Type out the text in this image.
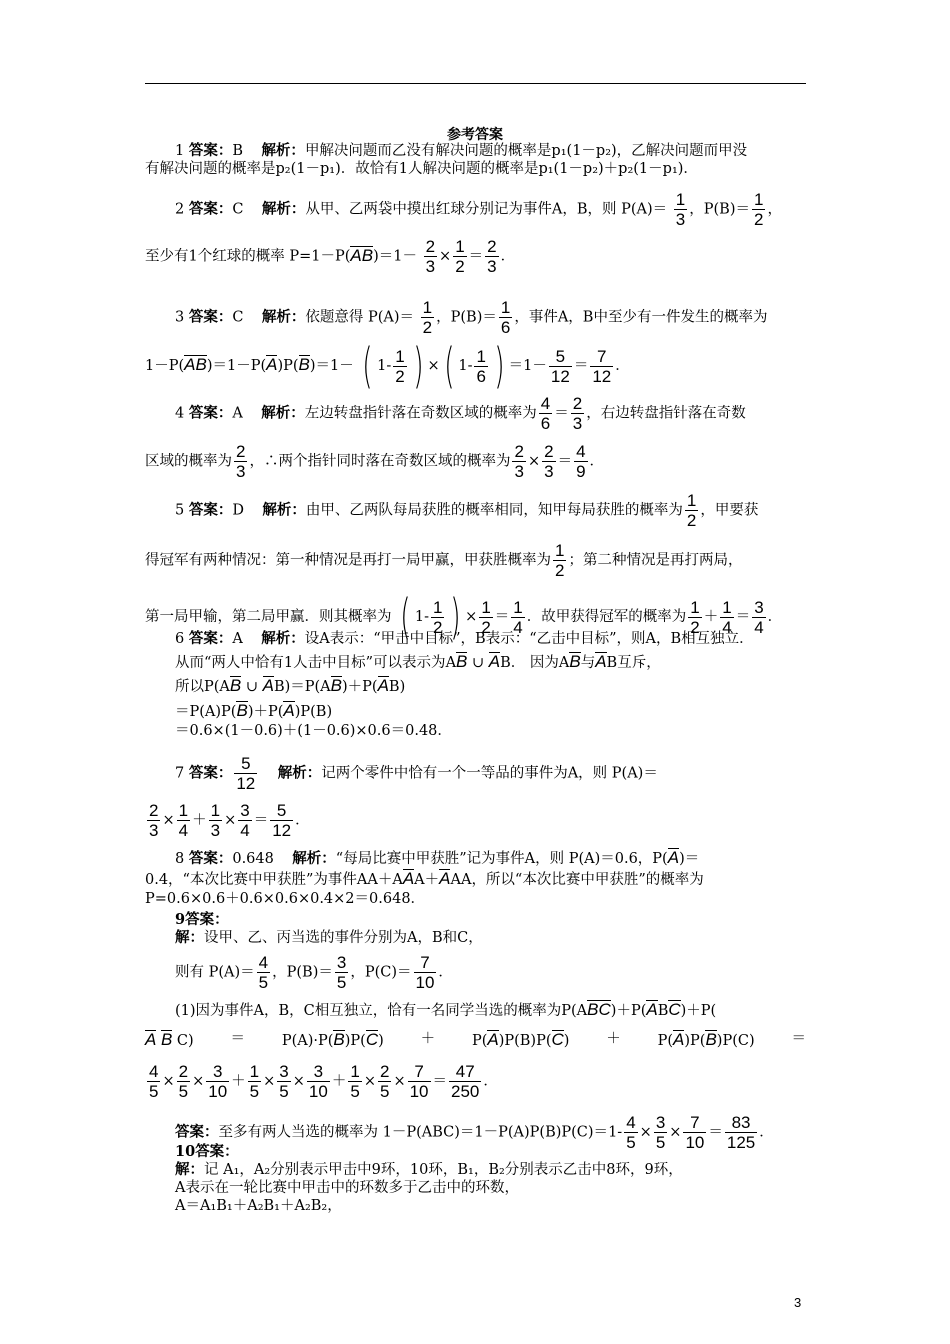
参考答案
1 答案：B 解析：甲解决问题而乙没有解决问题的概率是p₁(1－p₂)，乙解决问题而甲没
有解决问题的概率是p₂(1－p₁)．故恰有1人解决问题的概率是p₁(1－p₂)＋p₂(1－p₁)．
2 答案：C 解析：从甲、乙两袋中摸出红球分别记为事件A，B，则 $P(A)= \frac{1}{3}$ ，$P(B)= \frac{1}{2}$ ，
至少有1个红球的概率 $P=1-P(AB)=1- \frac{2}{3} \times \frac{1}{2} = \frac{2}{3}$ ．
3 答案：C 解析：依题意得 $P(A)= \frac{1}{2}$ ，$P(B)= \frac{1}{6}$ ，事件A，B中至少有一件发生的概率为
1－P(AB)＝1－P(A)P(B)＝1－ ( $1- \frac{1}{2}$ ) ×( $1- \frac{1}{6}$ ) $=1- \frac{5}{12} = \frac{7}{12}$ ．
4 答案：A 解析：左边转盘指针落在奇数区域的概率为 $\frac{4}{6} = \frac{2}{3}$ ，右边转盘指针落在奇数
区域的概率为 $\frac{2}{3}$ ，∴两个指针同时落在奇数区域的概率为 $\frac{2}{3} \times \frac{2}{3} = \frac{4}{9}$ ．
5 答案：D 解析：由甲、乙两队每局获胜的概率相同，知甲每局获胜的概率为 $\frac{1}{2}$ ，甲要获
得冠军有两种情况：第一种情况是再打一局甲赢，甲获胜概率为 $\frac{1}{2}$ ；第二种情况是再打两局，
第一局甲输，第二局甲赢．则其概率为 ( $1- \frac{1}{2}$ ) × $\frac{1}{2} = \frac{1}{4}$ ．故甲获得冠军的概率为 $\frac{1}{2} + \frac{1}{4} = \frac{3}{4}$ ．
6 答案：A 解析：设A表示：“甲击中目标”，B表示：“乙击中目标”，则A，B相互独立．
从而“两人中恰有1人击中目标”可以表示为AB ∪ AB． 因为AB与AB互斥，
所以P(AB ∪ AB)＝P(AB)＋P(AB)
＝P(A)P(B)＋P(A)P(B)
＝0.6×(1－0.6)＋(1－0.6)×0.6＝0.48．
7 答案： $\frac{5}{12}$ 解析：记两个零件中恰有一个一等品的事件为A，则 P(A)＝
$\frac{2}{3} \times \frac{1}{4} + \frac{1}{3} \times \frac{3}{4} = \frac{5}{12}$ ．
8 答案：0.648 解析：“每局比赛中甲获胜”记为事件A，则 P(A)＝0.6，P(A)＝
0.4，“本次比赛中甲获胜”为事件AA＋AAA＋AAA，所以“本次比赛中甲获胜”的概率为
P=0.6×0.6＋0.6×0.6×0.4×2＝0.648．
9答案：
解：设甲、乙、丙当选的事件分别为A，B和C，
则有 $P(A)= \frac{4}{5}$ ，$P(B)= \frac{3}{5}$ ，$P(C)= \frac{7}{10}$ ．
(1)因为事件A，B，C相互独立，恰有一名同学当选的概率为P(ABC)＋P(ABC)＋P(
A B C)	＝	P(A)·P(B)P(C)	＋	P(A)P(B)P(C)	＋	P(A)P(B)P(C)	＝
$\frac{4}{5} \times \frac{2}{5} \times \frac{3}{10} + \frac{1}{5} \times \frac{3}{5} \times \frac{3}{10} + \frac{1}{5} \times \frac{2}{5} \times \frac{7}{10} = \frac{47}{250}$ ．
答案：至多有两人当选的概率为 $1-P(ABC)=1-P(A)P(B)P(C)=1- \frac{4}{5} \times \frac{3}{5} \times \frac{7}{10} = \frac{83}{125}$ ．
10答案：
解：记 A₁，A₂分别表示甲击中9环，10环，B₁，B₂分别表示乙击中8环，9环，
A表示在一轮比赛中甲击中的环数多于乙击中的环数，
A＝A₁B₁＋A₂B₁＋A₂B₂，
3
